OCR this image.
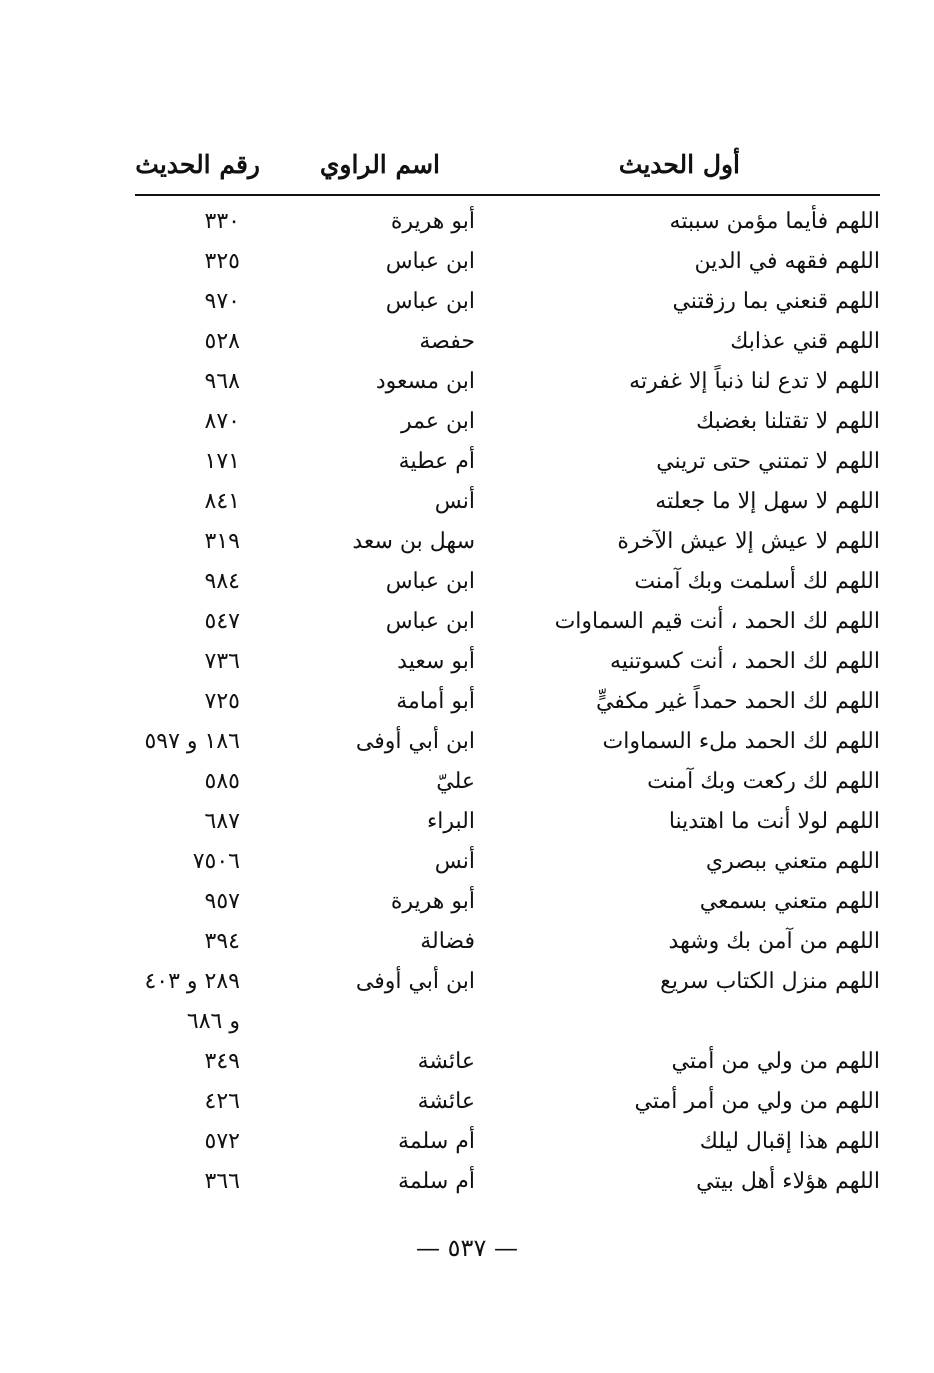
أول الحديث
اسم الراوي
رقم الحديث
اللهم فأيما مؤمن سببته
أبو هريرة
٣٣٠
اللهم فقهه في الدين
ابن عباس
٣٢٥
اللهم قنعني بما رزقتني
ابن عباس
٩٧٠
اللهم قني عذابك
حفصة
٥٢٨
اللهم لا تدع لنا ذنباً إلا غفرته
ابن مسعود
٩٦٨
اللهم لا تقتلنا بغضبك
ابن عمر
٨٧٠
اللهم لا تمتني حتى تريني
أم عطية
١٧١
اللهم لا سهل إلا ما جعلته
أنس
٨٤١
اللهم لا عيش إلا عيش الآخرة
سهل بن سعد
٣١٩
اللهم لك أسلمت وبك آمنت
ابن عباس
٩٨٤
اللهم لك الحمد ، أنت قيم السماوات
ابن عباس
٥٤٧
اللهم لك الحمد ، أنت كسوتنيه
أبو سعيد
٧٣٦
اللهم لك الحمد حمداً غير مكفيٍّ
أبو أمامة
٧٢٥
اللهم لك الحمد ملء السماوات
ابن أبي أوفى
١٨٦ و ٥٩٧
اللهم لك ركعت وبك آمنت
عليّ
٥٨٥
اللهم لولا أنت ما اهتدينا
البراء
٦٨٧
اللهم متعني ببصري
أنس
٧٥٠٦
اللهم متعني بسمعي
أبو هريرة
٩٥٧
اللهم من آمن بك وشهد
فضالة
٣٩٤
اللهم منزل الكتاب سريع
ابن أبي أوفى
٢٨٩ و ٤٠٣
و ٦٨٦
اللهم من ولي من أمتي
عائشة
٣٤٩
اللهم من ولي من أمر أمتي
عائشة
٤٢٦
اللهم هذا إقبال ليلك
أم سلمة
٥٧٢
اللهم هؤلاء أهل بيتي
أم سلمة
٣٦٦
— ٥٣٧ —
